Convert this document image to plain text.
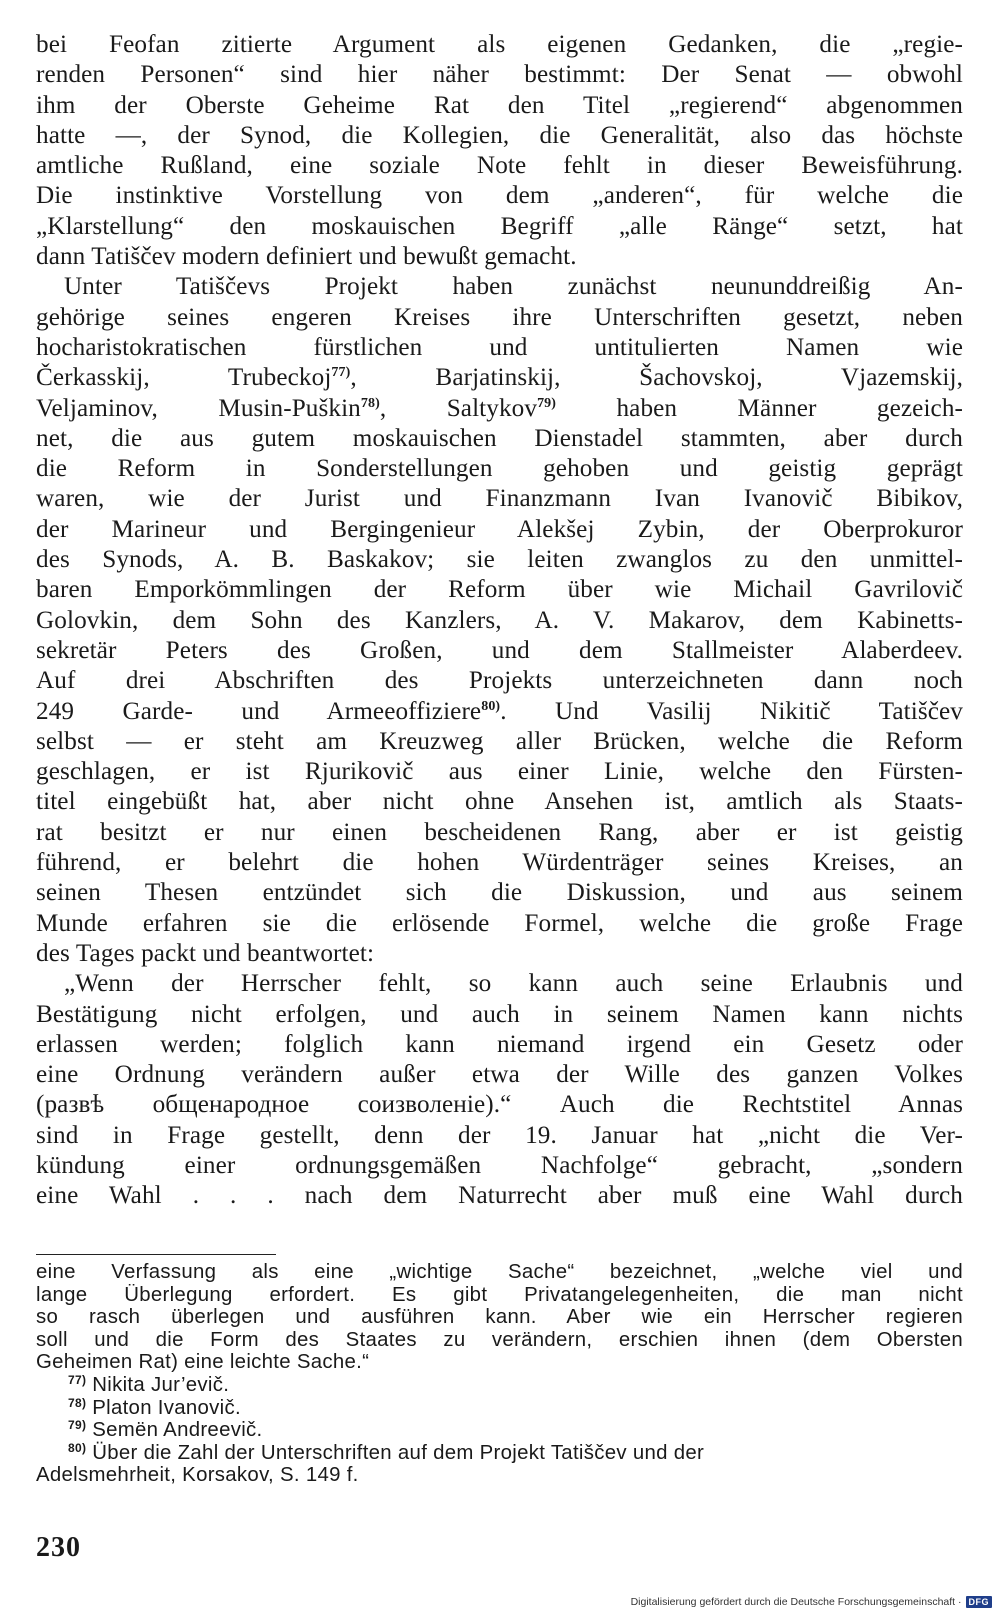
bei Feofan zitierte Argument als eigenen Gedanken, die „regie-
renden Personen“ sind hier näher bestimmt: Der Senat — obwohl
ihm der Oberste Geheime Rat den Titel „regierend“ abgenommen
hatte —, der Synod, die Kollegien, die Generalität, also das höchste
amtliche Rußland, eine soziale Note fehlt in dieser Beweisführung.
Die instinktive Vorstellung von dem „anderen“, für welche die
„Klarstellung“ den moskauischen Begriff „alle Ränge“ setzt, hat
dann Tatiščev modern definiert und bewußt gemacht.
Unter Tatiščevs Projekt haben zunächst neununddreißig An-
gehörige seines engeren Kreises ihre Unterschriften gesetzt, neben
hocharistokratischen fürstlichen und untitulierten Namen wie
Čerkasskij, Trubeckoj$^{77)}$, Barjatinskij, Šachovskoj, Vjazemskij,
Veljaminov, Musin-Puškin$^{78)}$, Saltykov$^{79)}$ haben Männer gezeich-
net, die aus gutem moskauischen Dienstadel stammten, aber durch
die Reform in Sonderstellungen gehoben und geistig geprägt
waren, wie der Jurist und Finanzmann Ivan Ivanovič Bibikov,
der Marineur und Bergingenieur Alekšej Zybin, der Oberprokuror
des Synods, A. B. Baskakov; sie leiten zwanglos zu den unmittel-
baren Emporkömmlingen der Reform über wie Michail Gavrilovič
Golovkin, dem Sohn des Kanzlers, A. V. Makarov, dem Kabinetts-
sekretär Peters des Großen, und dem Stallmeister Alaberdeev.
Auf drei Abschriften des Projekts unterzeichneten dann noch
249 Garde- und Armeeoffiziere$^{80)}$. Und Vasilij Nikitič Tatiščev
selbst — er steht am Kreuzweg aller Brücken, welche die Reform
geschlagen, er ist Rjurikovič aus einer Linie, welche den Fürsten-
titel eingebüßt hat, aber nicht ohne Ansehen ist, amtlich als Staats-
rat besitzt er nur einen bescheidenen Rang, aber er ist geistig
führend, er belehrt die hohen Würdenträger seines Kreises, an
seinen Thesen entzündet sich die Diskussion, und aus seinem
Munde erfahren sie die erlösende Formel, welche die große Frage
des Tages packt und beantwortet:
„Wenn der Herrscher fehlt, so kann auch seine Erlaubnis und
Bestätigung nicht erfolgen, und auch in seinem Namen kann nichts
erlassen werden; folglich kann niemand irgend ein Gesetz oder
eine Ordnung verändern außer etwa der Wille des ganzen Volkes
(развѣ общенародное соизволеніе).“ Auch die Rechtstitel Annas
sind in Frage gestellt, denn der 19. Januar hat „nicht die Ver-
kündung einer ordnungsgemäßen Nachfolge“ gebracht, „sondern
eine Wahl . . . nach dem Naturrecht aber muß eine Wahl durch
eine Verfassung als eine „wichtige Sache“ bezeichnet, „welche viel und
lange Überlegung erfordert. Es gibt Privatangelegenheiten, die man nicht
so rasch überlegen und ausführen kann. Aber wie ein Herrscher regieren
soll und die Form des Staates zu verändern, erschien ihnen (dem Obersten
Geheimen Rat) eine leichte Sache.“
$^{77)}$ Nikita Jur’evič.
$^{78)}$ Platon Ivanovič.
$^{79)}$ Semën Andreevič.
$^{80)}$ Über die Zahl der Unterschriften auf dem Projekt Tatiščev und der
Adelsmehrheit, Korsakov, S. 149 f.
230
Digitalisierung gefördert durch die Deutsche Forschungsgemeinschaft · DFG
